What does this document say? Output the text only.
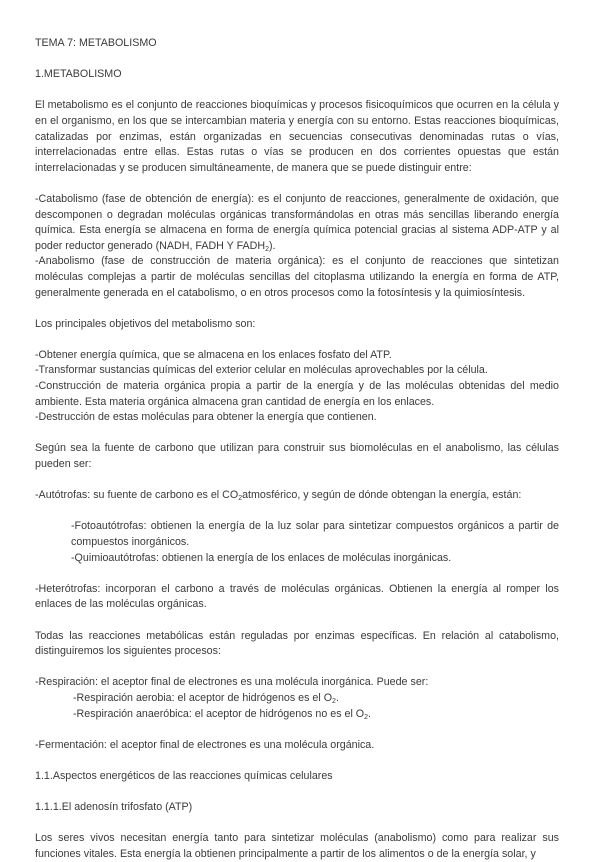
TEMA 7: METABOLISMO

1.METABOLISMO

El metabolismo es el conjunto de reacciones bioquímicas y procesos fisicoquímicos que ocurren en la célula y en el organismo, en los que se intercambian materia y energía con su entorno. Estas reacciones bioquímicas, catalizadas por enzimas, están organizadas en secuencias consecutivas denominadas rutas o vías, interrelacionadas entre ellas. Estas rutas o vías se producen en dos corrientes opuestas que están interrelacionadas y se producen simultáneamente, de manera que se puede distinguir entre:

-Catabolismo (fase de obtención de energía): es el conjunto de reacciones, generalmente de oxidación, que descomponen o degradan moléculas orgánicas transformándolas en otras más sencillas liberando energía química. Esta energía se almacena en forma de energía química potencial gracias al sistema ADP-ATP y al poder reductor generado (NADH, FADH Y $FADH_2$).

-Anabolismo (fase de construcción de materia orgánica): es el conjunto de reacciones que sintetizan moléculas complejas a partir de moléculas sencillas del citoplasma utilizando la energía en forma de ATP, generalmente generada en el catabolismo, o en otros procesos como la fotosíntesis y la quimiosíntesis.

Los principales objetivos del metabolismo son:

-Obtener energía química, que se almacena en los enlaces fosfato del ATP.

-Transformar sustancias químicas del exterior celular en moléculas aprovechables por la célula.

-Construcción de materia orgánica propia a partir de la energía y de las moléculas obtenidas del medio ambiente. Esta materia orgánica almacena gran cantidad de energía en los enlaces.

-Destrucción de estas moléculas para obtener la energía que contienen.

Según sea la fuente de carbono que utilizan para construir sus biomoléculas en el anabolismo, las células pueden ser:

-Autótrofas: su fuente de carbono es el $CO_2atmosférico$, y según de dónde obtengan la energía, están:

-Fotoautótrofas: obtienen la energía de la luz solar para sintetizar compuestos orgánicos a partir de compuestos inorgánicos.

-Quimioautótrofas: obtienen la energía de los enlaces de moléculas inorgánicas.

-Heterótrofas: incorporan el carbono a través de moléculas orgánicas. Obtienen la energía al romper los enlaces de las moléculas orgánicas.

Todas las reacciones metabólicas están reguladas por enzimas específicas. En relación al catabolismo, distinguiremos los siguientes procesos:

-Respiración: el aceptor final de electrones es una molécula inorgánica. Puede ser:

-Respiración aerobia: el aceptor de hidrógenos es el $O_2$.

-Respiración anaeróbica: el aceptor de hidrógenos no es el $O_2$.

-Fermentación: el aceptor final de electrones es una molécula orgánica.

1.1.Aspectos energéticos de las reacciones químicas celulares

1.1.1.El adenosín trifosfato (ATP)

Los seres vivos necesitan energía tanto para sintetizar moléculas (anabolismo) como para realizar sus funciones vitales. Esta energía la obtienen principalmente a partir de los alimentos o de la energía solar, y
